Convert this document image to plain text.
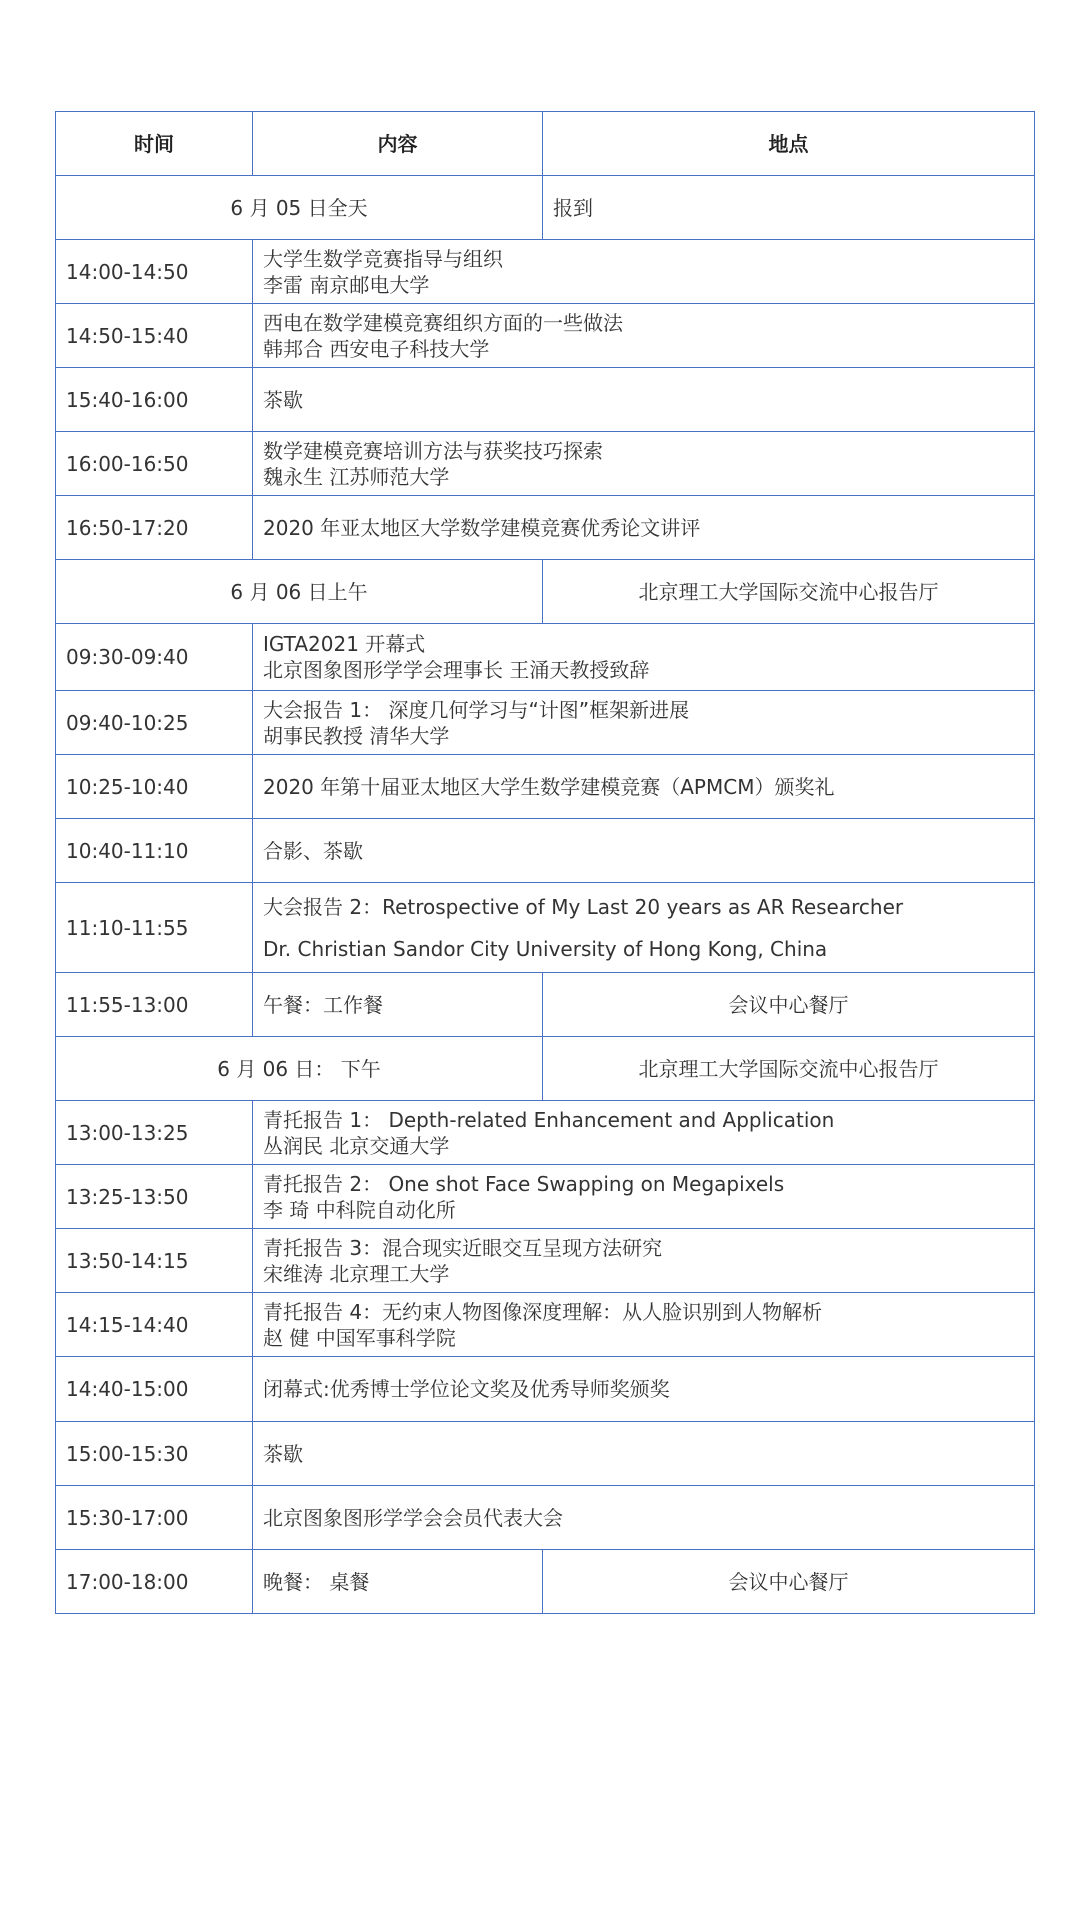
时间	内容	地点
6 月 05 日全天		报到
14:00-14:50	大学生数学竞赛指导与组织
李雷 南京邮电大学	

14:50-15:40	西电在数学建模竞赛组织方面的一些做法
韩邦合 西安电子科技大学	

15:40-16:00	茶歇	

16:00-16:50	数学建模竞赛培训方法与获奖技巧探索
魏永生 江苏师范大学	

16:50-17:20	2020 年亚太地区大学数学建模竞赛优秀论文讲评	

6 月 06 日上午		北京理工大学国际交流中心报告厅
09:30-09:40	IGTA2021 开幕式
北京图象图形学学会理事长 王涌天教授致辞	

09:40-10:25	大会报告 1： 深度几何学习与“计图”框架新进展
胡事民教授 清华大学	

10:25-10:40	2020 年第十届亚太地区大学生数学建模竞赛（APMCM）颁奖礼	

10:40-11:10	合影、茶歇	

11:10-11:55	大会报告 2：Retrospective of My Last 20 years as AR Researcher
Dr. Christian Sandor City University of Hong Kong, China	

11:55-13:00	午餐：工作餐	会议中心餐厅
6 月 06 日： 下午		北京理工大学国际交流中心报告厅
13:00-13:25	青托报告 1： Depth-related Enhancement and Application
丛润民 北京交通大学	

13:25-13:50	青托报告 2： One shot Face Swapping on Megapixels
李 琦 中科院自动化所	

13:50-14:15	青托报告 3：混合现实近眼交互呈现方法研究
宋维涛 北京理工大学	

14:15-14:40	青托报告 4：无约束人物图像深度理解：从人脸识别到人物解析
赵 健 中国军事科学院	

14:40-15:00	闭幕式:优秀博士学位论文奖及优秀导师奖颁奖	

15:00-15:30	茶歇	

15:30-17:00	北京图象图形学学会会员代表大会	

17:00-18:00	晚餐： 桌餐	会议中心餐厅
